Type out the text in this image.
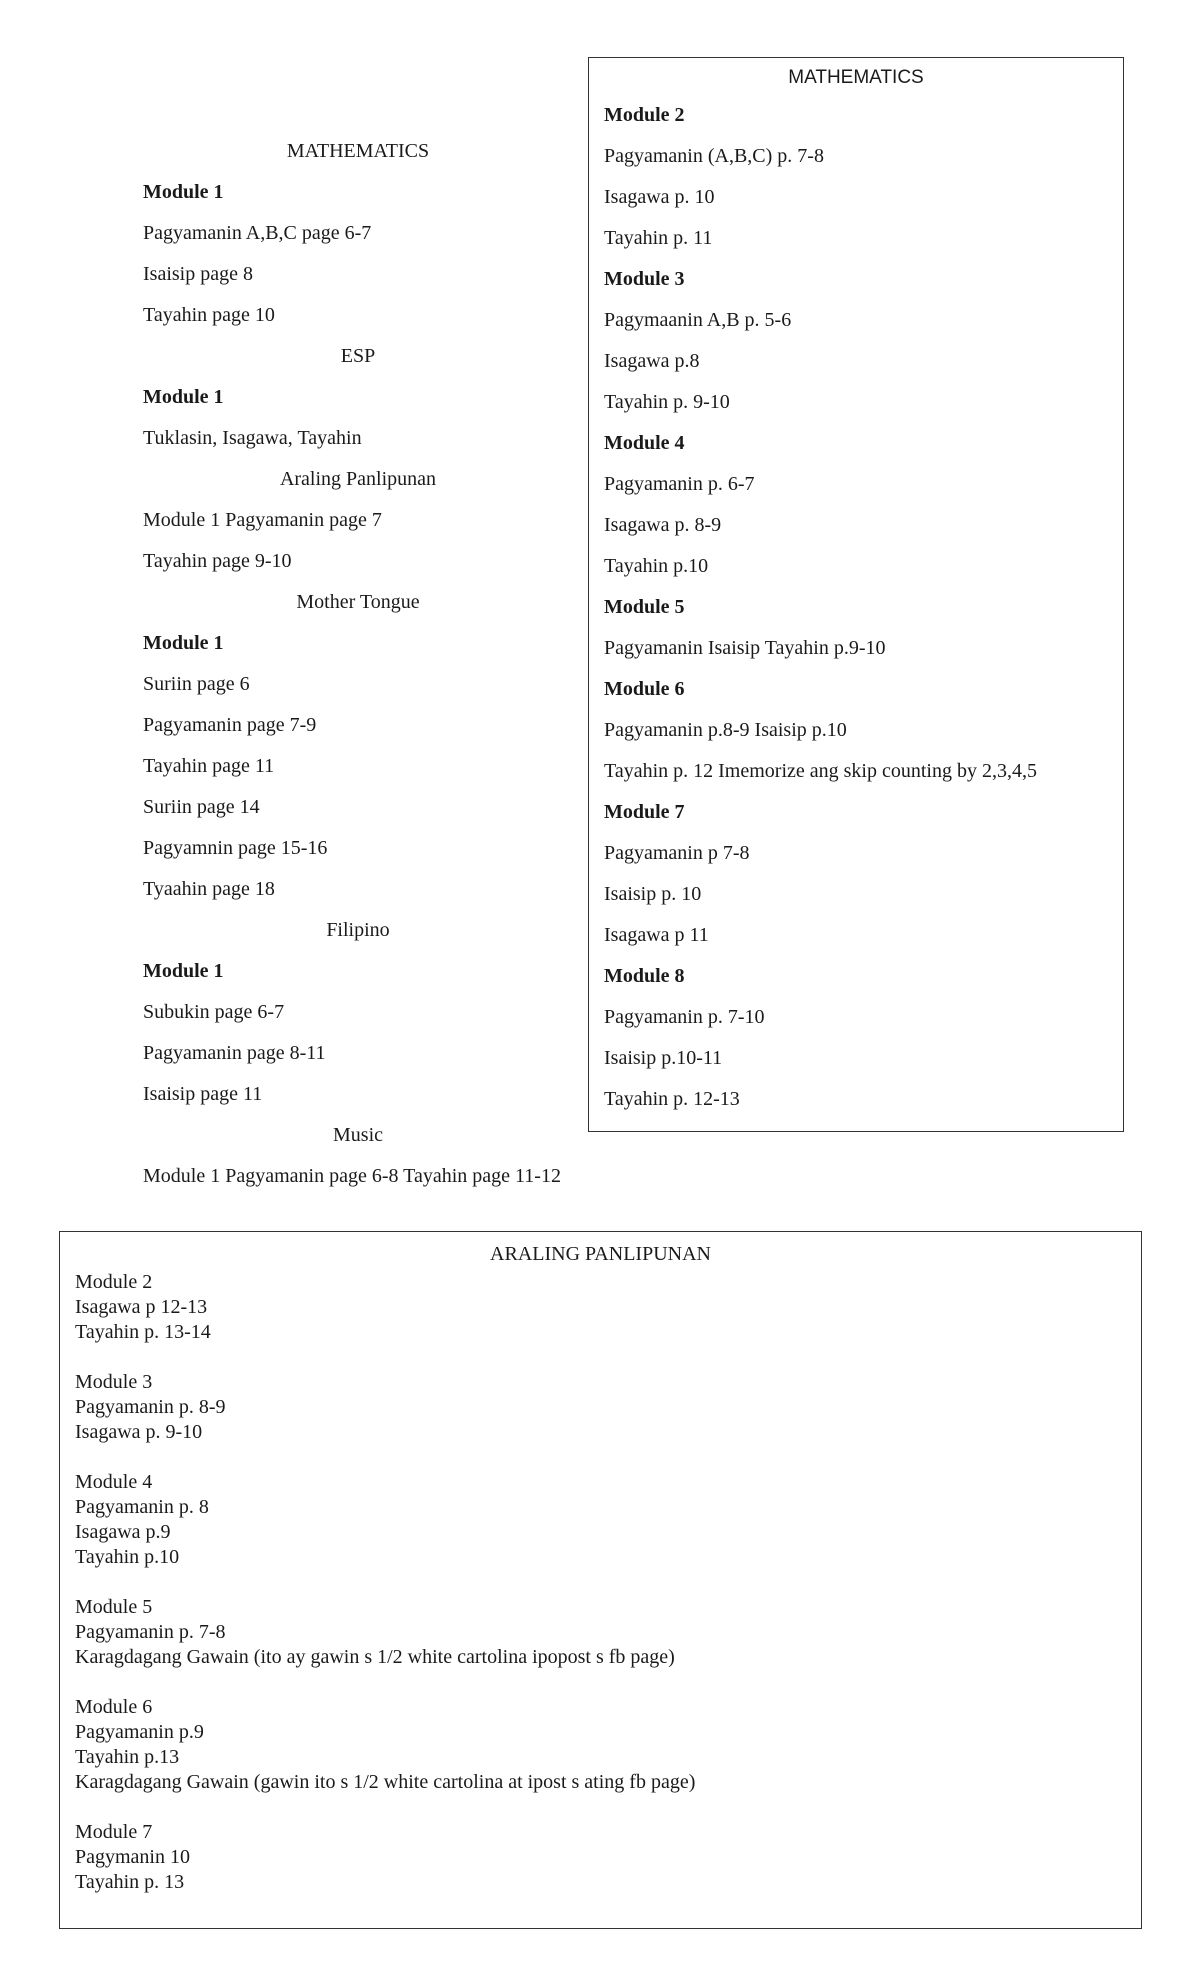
MATHEMATICS
Module 1
Pagyamanin A,B,C page 6-7
Isaisip page 8
Tayahin page 10
ESP
Module 1
Tuklasin, Isagawa, Tayahin
Araling Panlipunan
Module 1 Pagyamanin page 7
Tayahin page 9-10
Mother Tongue
Module 1
Suriin page 6
Pagyamanin page 7-9
Tayahin page 11
Suriin page 14
Pagyamnin page 15-16
Tyaahin page 18
Filipino
Module 1
Subukin page 6-7
Pagyamanin page 8-11
Isaisip page 11
Music
Module 1 Pagyamanin page 6-8 Tayahin page 11-12
MATHEMATICS
Module 2
Pagyamanin (A,B,C) p. 7-8
Isagawa p. 10
Tayahin p. 11
Module 3
Pagymaanin A,B p. 5-6
Isagawa p.8
Tayahin p. 9-10
Module 4
Pagyamanin p. 6-7
Isagawa p. 8-9
Tayahin p.10
Module 5
Pagyamanin Isaisip Tayahin p.9-10
Module 6
Pagyamanin p.8-9 Isaisip p.10
Tayahin p. 12 Imemorize ang skip counting by 2,3,4,5
Module 7
Pagyamanin p 7-8
Isaisip p. 10
Isagawa p 11
Module 8
Pagyamanin p. 7-10
Isaisip p.10-11
Tayahin p. 12-13
ARALING PANLIPUNAN
Module 2
Isagawa p 12-13
Tayahin p. 13-14
Module 3
Pagyamanin p. 8-9
Isagawa p. 9-10
Module 4
Pagyamanin p. 8
Isagawa p.9
Tayahin p.10
Module 5
Pagyamanin p. 7-8
Karagdagang Gawain (ito ay gawin s 1/2 white cartolina ipopost s fb page)
Module 6
Pagyamanin p.9
Tayahin p.13
Karagdagang Gawain (gawin ito s 1/2 white cartolina at ipost s ating fb page)
Module 7
Pagymanin 10
Tayahin p. 13
